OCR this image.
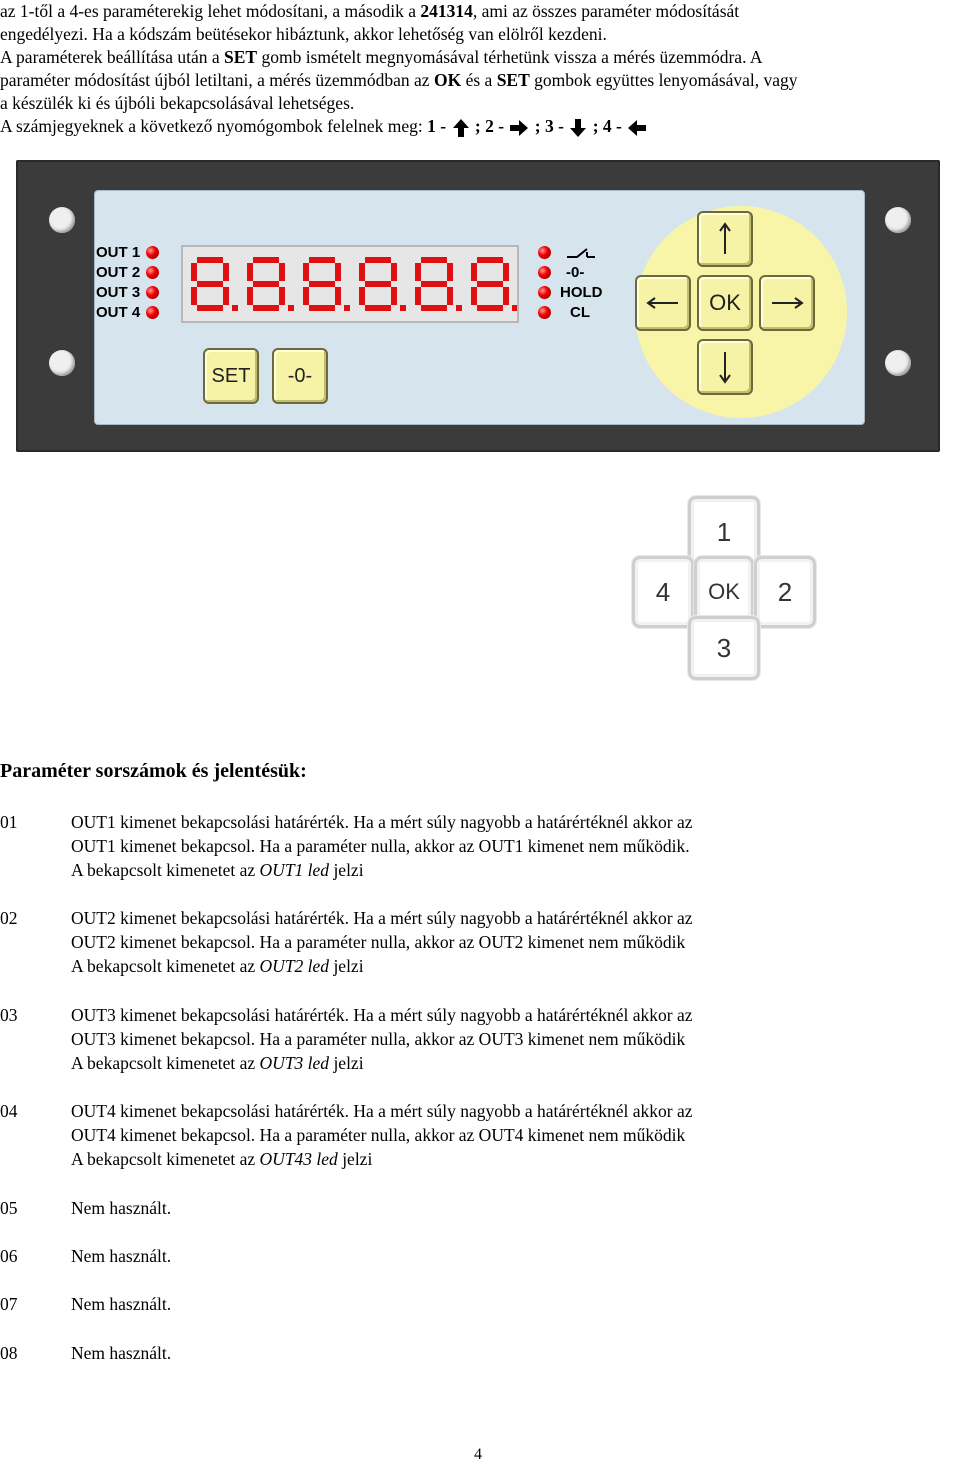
az 1-től a 4-es paraméterekig lehet módosítani, a második a 241314, ami az összes paraméter módosítását

engedélyezi. Ha a kódszám beütésekor hibáztunk, akkor lehetőség van elölről kezdeni.

A paraméterek beállítása után a SET gomb ismételt megnyomásával térhetünk vissza a mérés üzemmódra. A

paraméter módosítást újból letiltani, a mérés üzemmódban az OK és a SET gombok együttes lenyomásával, vagy

a készülék ki és újbóli bekapcsolásával lehetséges.

A számjegyeknek a következő nyomógombok felelnek meg: 1 - ; 2 - ; 3 - ; 4 -

OUT 1
OUT 2
OUT 3
OUT 4
-0-
HOLD
CL
SET	-0-
OK
1
4	OK	2
3
Paraméter sorszámok és jelentésük:
01	OUT1 kimenet bekapcsolási határérték. Ha a mért súly nagyobb a határértéknél akkor az
OUT1 kimenet bekapcsol. Ha a paraméter nulla, akkor az OUT1 kimenet nem működik.
A bekapcsolt kimenetet az OUT1 led jelzi
02	OUT2 kimenet bekapcsolási határérték. Ha a mért súly nagyobb a határértéknél akkor az
OUT2 kimenet bekapcsol. Ha a paraméter nulla, akkor az OUT2 kimenet nem működik
A bekapcsolt kimenetet az OUT2 led jelzi
03	OUT3 kimenet bekapcsolási határérték. Ha a mért súly nagyobb a határértéknél akkor az
OUT3 kimenet bekapcsol. Ha a paraméter nulla, akkor az OUT3 kimenet nem működik
A bekapcsolt kimenetet az OUT3 led jelzi
04	OUT4 kimenet bekapcsolási határérték. Ha a mért súly nagyobb a határértéknél akkor az
OUT4 kimenet bekapcsol. Ha a paraméter nulla, akkor az OUT4 kimenet nem működik
A bekapcsolt kimenetet az OUT43 led jelzi
05	Nem használt.
06	Nem használt.
07	Nem használt.
08	Nem használt.
4
